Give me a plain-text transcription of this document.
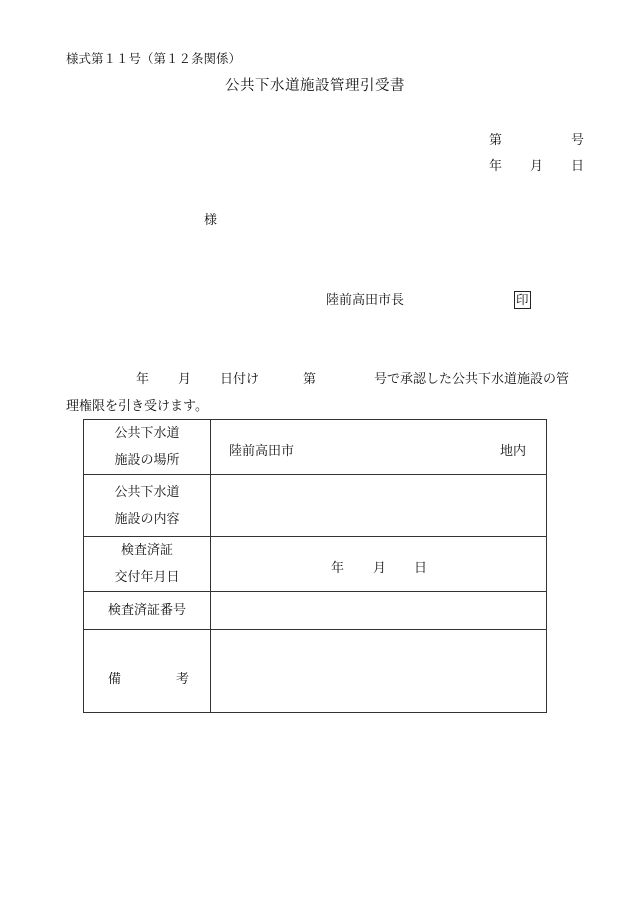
様式第１１号（第１２条関係）
公共下水道施設管理引受書
第	号
年 月 日
様
陸前高田市長	印
年 月 日付け	第	号で承認した公共下水道施設の管
理権限を引き受けます。
公共下水道
施設の場所	陸前高田市 地内

公共下水道
施設の内容	

検査済証
交付年月日	年 月 日

検査済証番号	

備 考	
